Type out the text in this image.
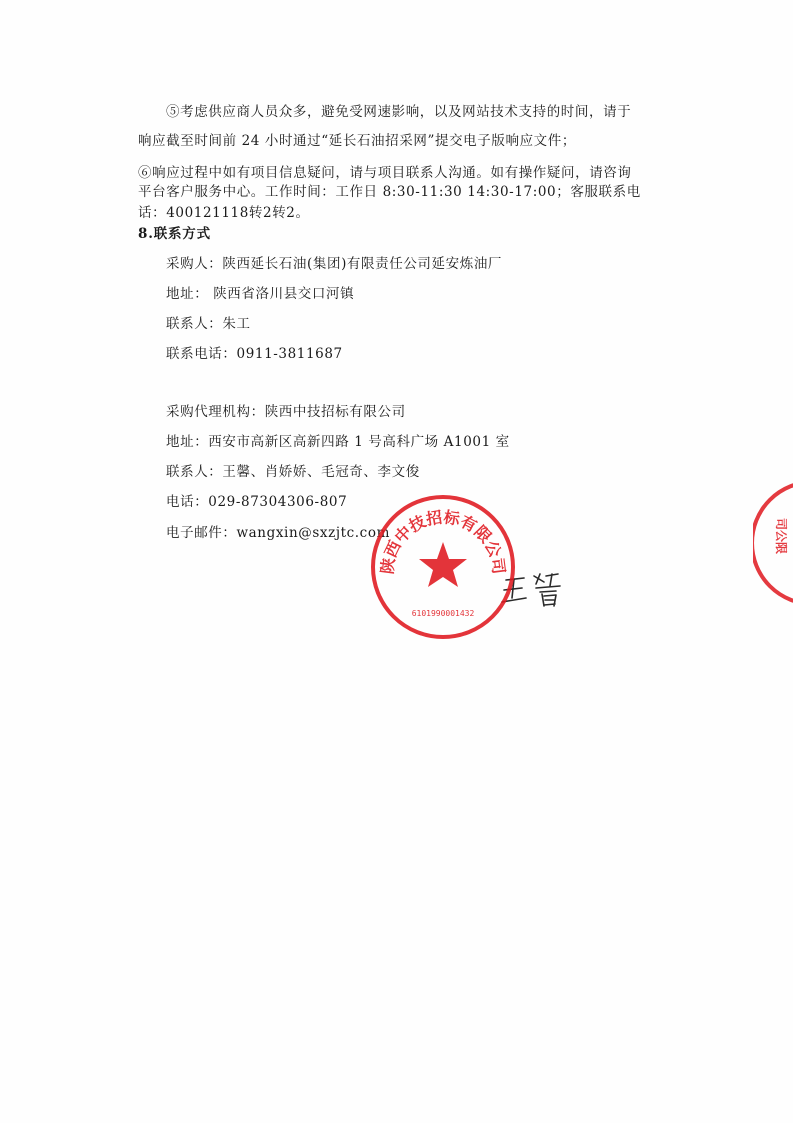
⑤考虑供应商人员众多，避免受网速影响，以及网站技术支持的时间，请于
响应截至时间前 24 小时通过“延长石油招采网”提交电子版响应文件；
⑥响应过程中如有项目信息疑问，请与项目联系人沟通。如有操作疑问，请咨询
平台客户服务中心。工作时间：工作日 8:30-11:30 14:30-17:00；客服联系电
话：400121118转2转2。
8.联系方式
采购人：陕西延长石油(集团)有限责任公司延安炼油厂
地址： 陕西省洛川县交口河镇
联系人：朱工
联系电话：0911-3811687
采购代理机构：陕西中技招标有限公司
地址：西安市高新区高新四路 1 号高科广场 A1001 室
联系人：王馨、肖娇娇、毛冠奇、李文俊
电话：029-87304306-807
电子邮件：wangxin@sxzjtc.com
陕西中技招标有限公司
6101990001432
司公限
